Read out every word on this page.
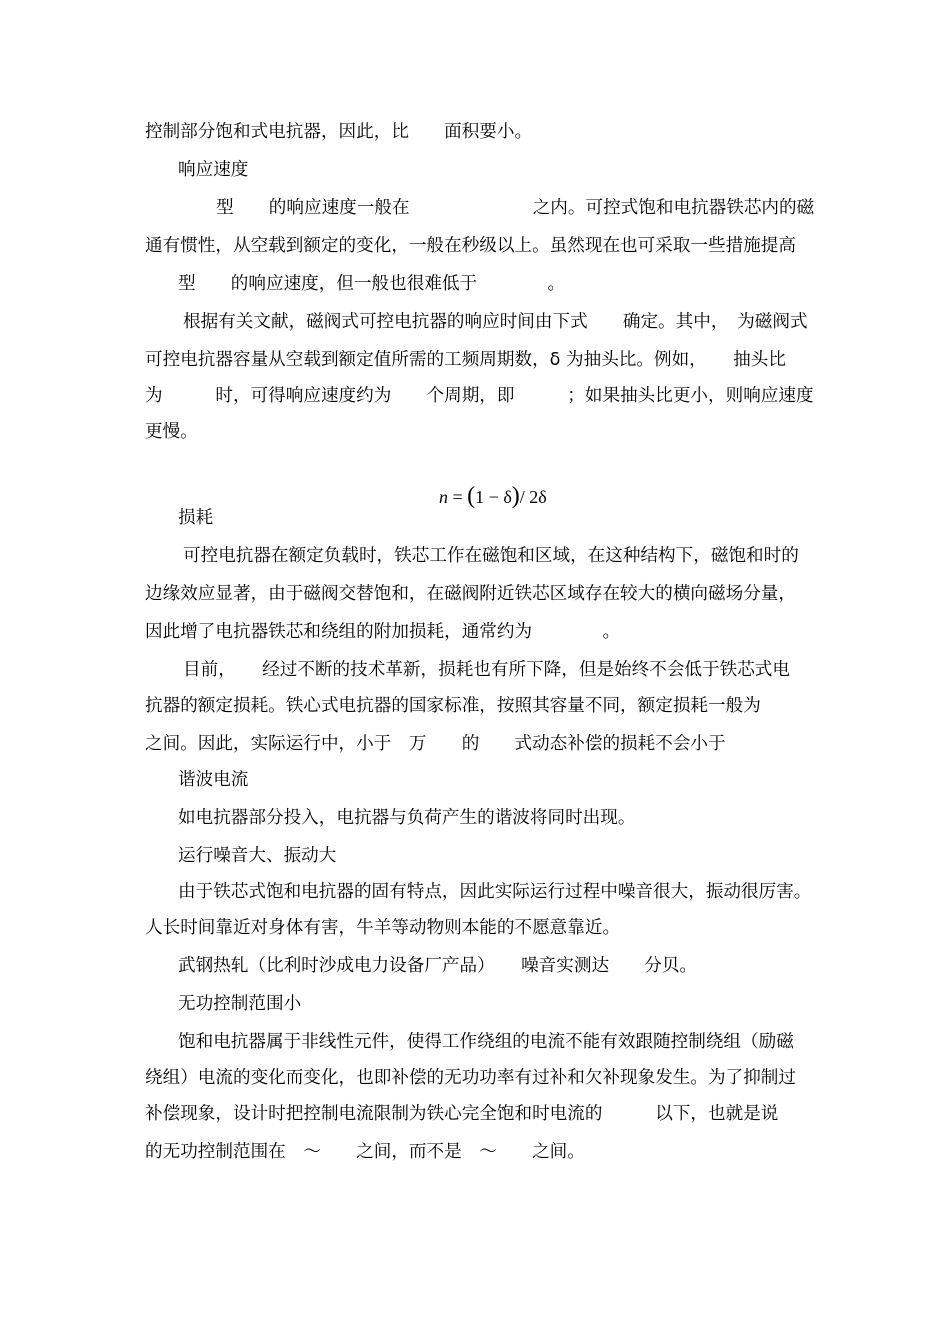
控制部分饱和式电抗器，因此，比　　面积要小。
响应速度
型　　的响应速度一般在　　　　　　　之内。可控式饱和电抗器铁芯内的磁
通有惯性，从空载到额定的变化，一般在秒级以上。虽然现在也可采取一些措施提高
型　　的响应速度，但一般也很难低于　　　　。
根据有关文献，磁阀式可控电抗器的响应时间由下式　　确定。其中，　为磁阀式
可控电抗器容量从空载到额定值所需的工频周期数，δ 为抽头比。例如，　　抽头比
为　　　时，可得响应速度约为　　个周期，即　　　；如果抽头比更小，则响应速度
更慢。

n = (1 − δ)/ 2δ

损耗
可控电抗器在额定负载时，铁芯工作在磁饱和区域，在这种结构下，磁饱和时的
边缘效应显著，由于磁阀交替饱和，在磁阀附近铁芯区域存在较大的横向磁场分量，
因此增了电抗器铁芯和绕组的附加损耗，通常约为　　　　。
目前，　　经过不断的技术革新，损耗也有所下降，但是始终不会低于铁芯式电
抗器的额定损耗。铁心式电抗器的国家标准，按照其容量不同，额定损耗一般为
之间。因此，实际运行中，小于　万　　的　　式动态补偿的损耗不会小于
谐波电流
如电抗器部分投入，电抗器与负荷产生的谐波将同时出现。
运行噪音大、振动大
由于铁芯式饱和电抗器的固有特点，因此实际运行过程中噪音很大，振动很厉害。
人长时间靠近对身体有害，牛羊等动物则本能的不愿意靠近。
武钢热轧（比利时沙成电力设备厂产品）　　噪音实测达　　分贝。
无功控制范围小
饱和电抗器属于非线性元件，使得工作绕组的电流不能有效跟随控制绕组（励磁
绕组）电流的变化而变化，也即补偿的无功功率有过补和欠补现象发生。为了抑制过
补偿现象，设计时把控制电流限制为铁心完全饱和时电流的　　　以下，也就是说
的无功控制范围在　～　　之间，而不是　～　　之间。
